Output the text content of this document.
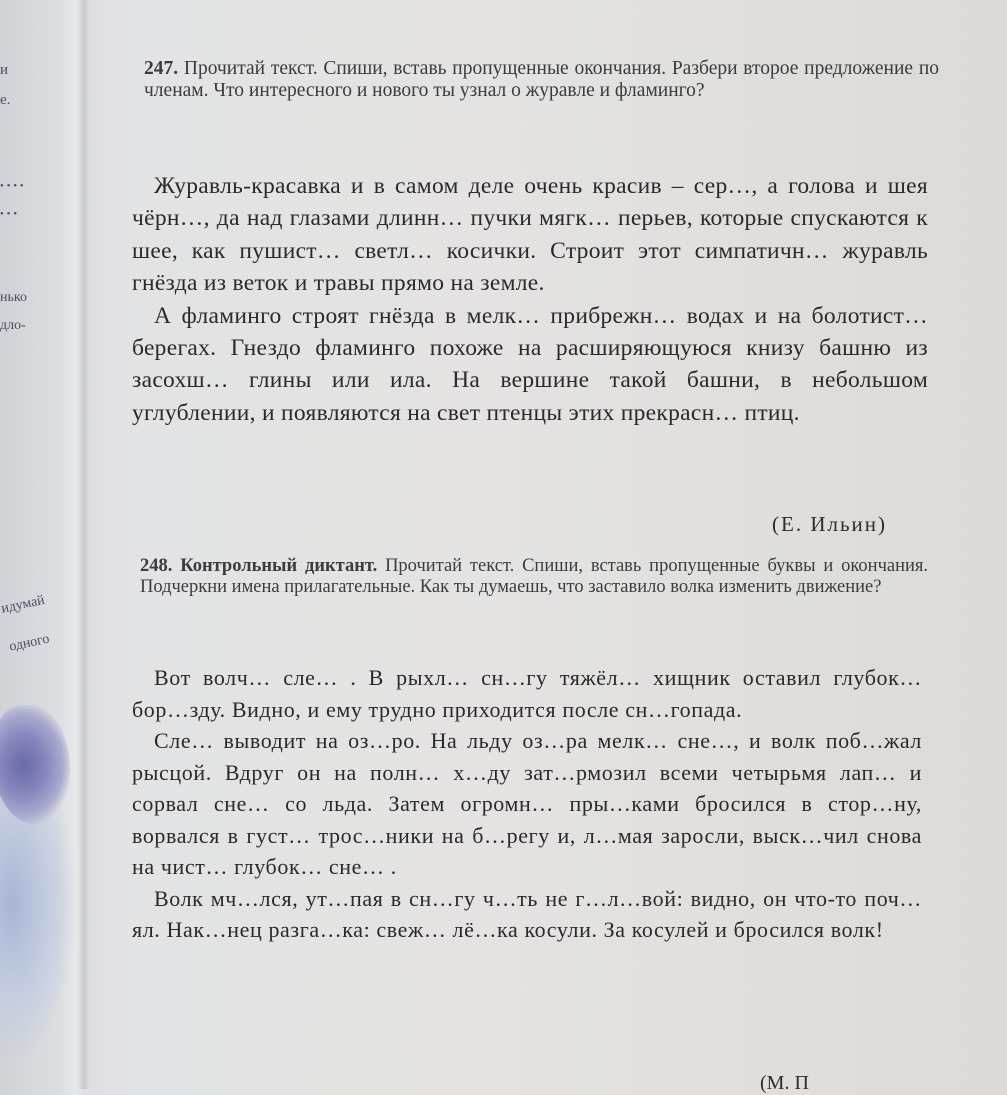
и
е.
• • • •
• • •
нько
дло-
идумай
одного
247. Прочитай текст. Спиши, вставь пропущенные окончания. Разбери второе предложение по членам. Что интересного и нового ты узнал о журавле и фламинго?

Журавль-красавка и в самом деле очень красив – сер…, а голова и шея чёрн…, да над глазами длинн… пучки мягк… перьев, которые спускаются к шее, как пушист… светл… косички. Строит этот симпатичн… журавль гнёзда из веток и травы прямо на земле.

А фламинго строят гнёзда в мелк… прибрежн… водах и на болотист… берегах. Гнездо фламинго похоже на расширяющуюся книзу башню из засохш… глины или ила. На вершине такой башни, в небольшом углублении, и появляются на свет птенцы этих прекрасн… птиц.

(Е. Ильин)
248. Контрольный диктант. Прочитай текст. Спиши, вставь пропущенные буквы и окончания. Подчеркни имена прилагательные. Как ты думаешь, что заставило волка изменить движение?

Вот волч… сле… . В рыхл… сн…гу тяжёл… хищник оставил глубок… бор…зду. Видно, и ему трудно приходится после сн…гопада.

Сле… выводит на оз…ро. На льду оз…ра мелк… сне…, и волк поб…жал рысцой. Вдруг он на полн… х…ду зат…рмозил всеми четырьмя лап… и сорвал сне… со льда. Затем огромн… пры…ками бросился в стор…ну, ворвался в густ… трос…ники на б…регу и, л…мая заросли, выск…чил снова на чист… глубок… сне… .

Волк мч…лся, ут…пая в сн…гу ч…ть не г…л…вой: видно, он что-то поч…ял. Нак…нец разга…ка: свеж… лё…ка косули. За косулей и бросился волк!

(М. П
